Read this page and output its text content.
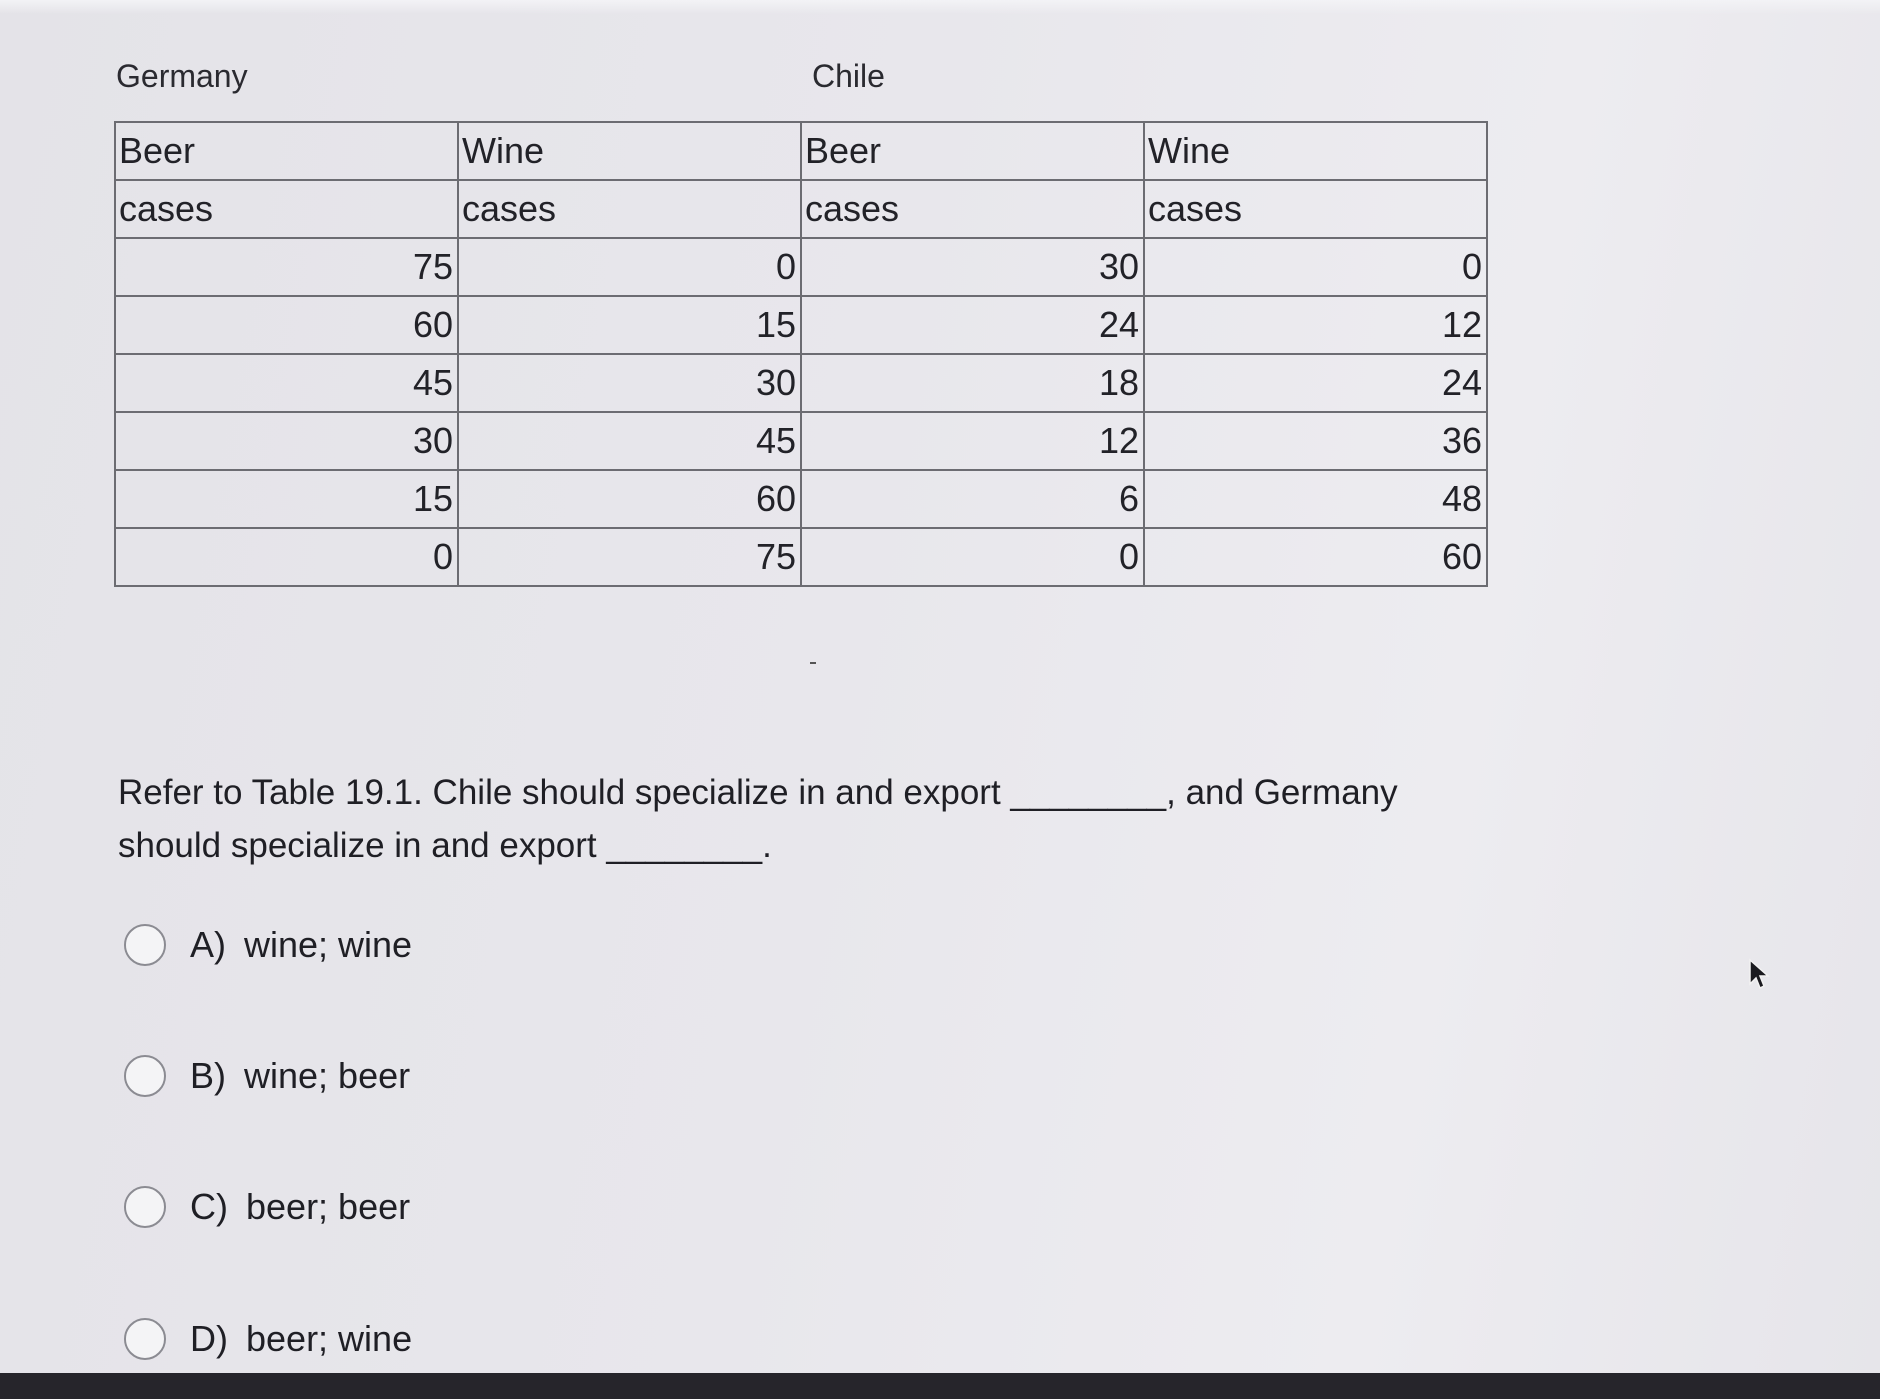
Germany	Chile
Beer	Wine	Beer	Wine
cases	cases	cases	cases
75	0	30	0
60	15	24	12
45	30	18	24
30	45	12	36
15	60	6	48
0	75	0	60
Refer to Table 19.1. Chile should specialize in and export ________, and Germany should specialize in and export ________.
A) wine; wine
B) wine; beer
C) beer; beer
D) beer; wine
